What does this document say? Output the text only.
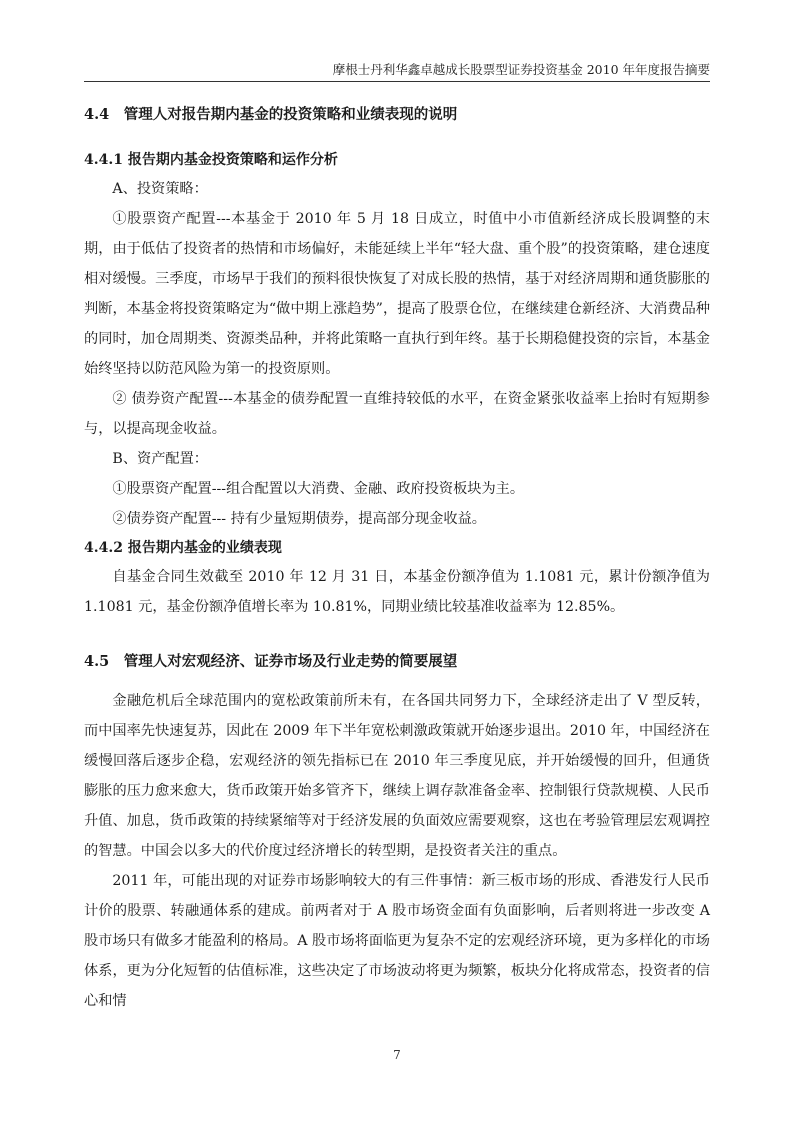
摩根士丹利华鑫卓越成长股票型证券投资基金 2010 年年度报告摘要
4.4　管理人对报告期内基金的投资策略和业绩表现的说明
4.4.1 报告期内基金投资策略和运作分析

A、投资策略：

①股票资产配置---本基金于 2010 年 5 月 18 日成立，时值中小市值新经济成长股调整的末期，由于低估了投资者的热情和市场偏好，未能延续上半年“轻大盘、重个股”的投资策略，建仓速度相对缓慢。三季度，市场早于我们的预料很快恢复了对成长股的热情，基于对经济周期和通货膨胀的判断，本基金将投资策略定为“做中期上涨趋势”，提高了股票仓位，在继续建仓新经济、大消费品种的同时，加仓周期类、资源类品种，并将此策略一直执行到年终。基于长期稳健投资的宗旨，本基金始终坚持以防范风险为第一的投资原则。

② 债券资产配置---本基金的债券配置一直维持较低的水平，在资金紧张收益率上抬时有短期参与，以提高现金收益。

B、资产配置：

①股票资产配置---组合配置以大消费、金融、政府投资板块为主。

②债券资产配置--- 持有少量短期债券，提高部分现金收益。

4.4.2 报告期内基金的业绩表现

自基金合同生效截至 2010 年 12 月 31 日，本基金份额净值为 1.1081 元，累计份额净值为 1.1081 元，基金份额净值增长率为 10.81%，同期业绩比较基准收益率为 12.85%。

4.5　管理人对宏观经济、证券市场及行业走势的简要展望

金融危机后全球范围内的宽松政策前所未有，在各国共同努力下，全球经济走出了 V 型反转，而中国率先快速复苏，因此在 2009 年下半年宽松刺激政策就开始逐步退出。2010 年，中国经济在缓慢回落后逐步企稳，宏观经济的领先指标已在 2010 年三季度见底，并开始缓慢的回升，但通货膨胀的压力愈来愈大，货币政策开始多管齐下，继续上调存款准备金率、控制银行贷款规模、人民币升值、加息，货币政策的持续紧缩等对于经济发展的负面效应需要观察，这也在考验管理层宏观调控的智慧。中国会以多大的代价度过经济增长的转型期，是投资者关注的重点。

2011 年，可能出现的对证券市场影响较大的有三件事情：新三板市场的形成、香港发行人民币计价的股票、转融通体系的建成。前两者对于 A 股市场资金面有负面影响，后者则将进一步改变 A 股市场只有做多才能盈利的格局。A 股市场将面临更为复杂不定的宏观经济环境，更为多样化的市场体系，更为分化短暂的估值标准，这些决定了市场波动将更为频繁，板块分化将成常态，投资者的信心和情

7
